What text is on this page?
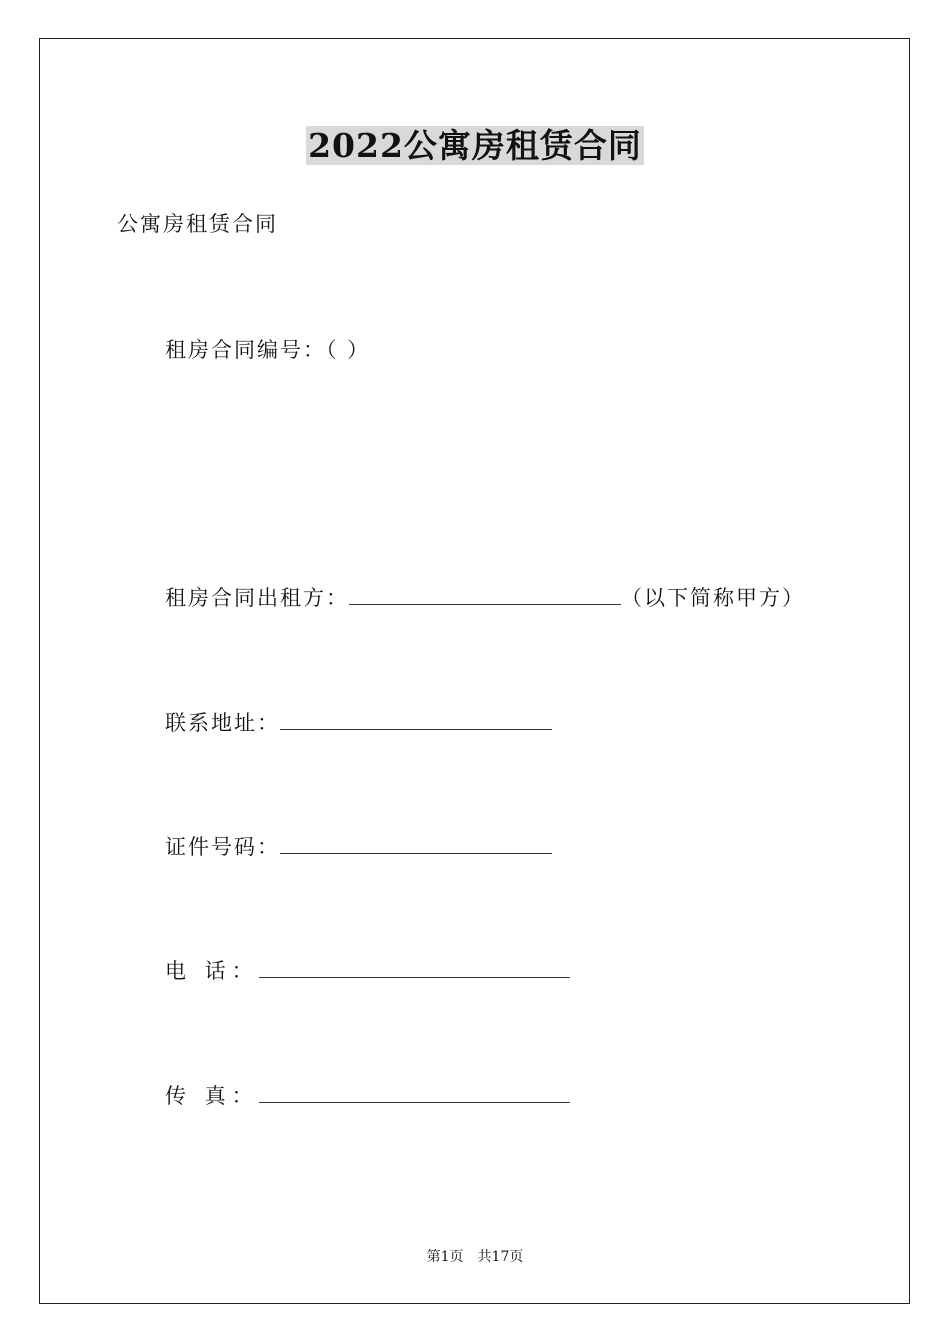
2022公寓房租赁合同
公寓房租赁合同
租房合同编号：（ ）
租房合同出租方：	（以下简称甲方）
联系地址：
证件号码：
电 话：
传 真：
第1页 共17页
